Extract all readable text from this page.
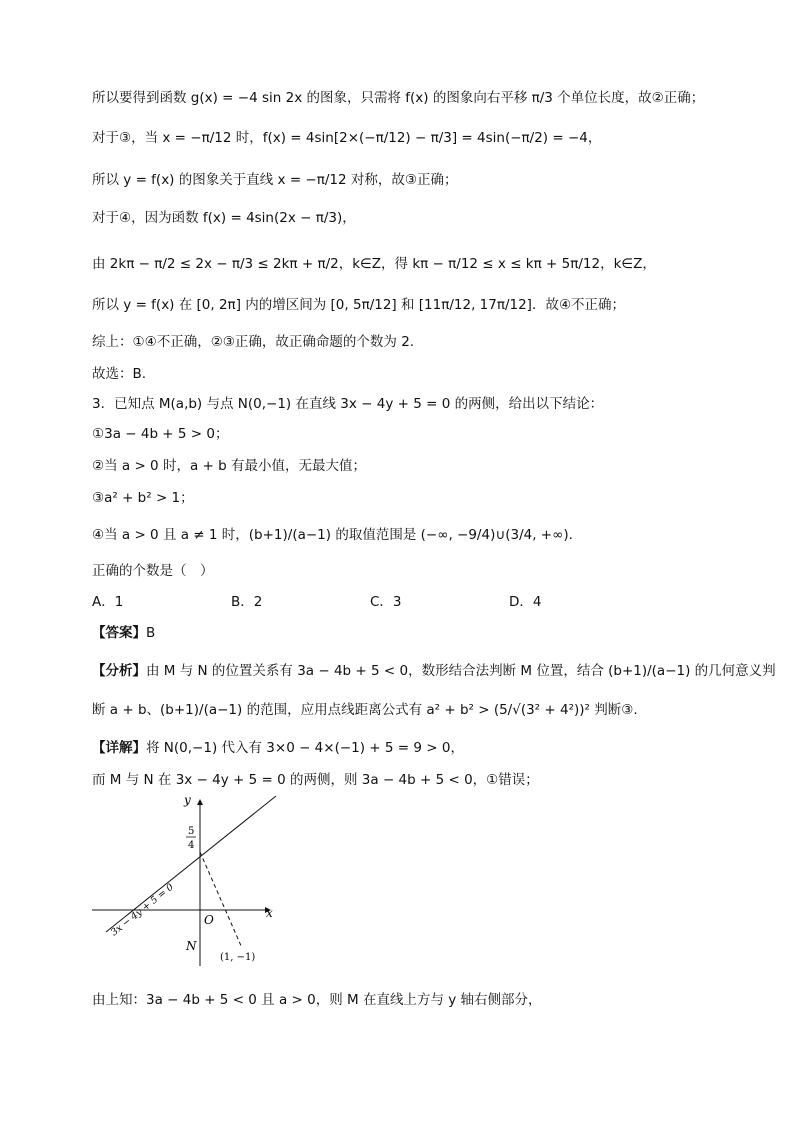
所以要得到函数 g(x) = −4 sin 2x 的图象，只需将 f(x) 的图象向右平移 π/3 个单位长度，故②正确；
对于③，当 x = −π/12 时，f(x) = 4sin[2×(−π/12) − π/3] = 4sin(−π/2) = −4，
所以 y = f(x) 的图象关于直线 x = −π/12 对称，故③正确；
对于④，因为函数 f(x) = 4sin(2x − π/3)，
由 2kπ − π/2 ≤ 2x − π/3 ≤ 2kπ + π/2，k∈Z，得 kπ − π/12 ≤ x ≤ kπ + 5π/12，k∈Z，
所以 y = f(x) 在 [0, 2π] 内的增区间为 [0, 5π/12] 和 [11π/12, 17π/12]．故④不正确；
综上：①④不正确，②③正确，故正确命题的个数为 2.
故选：B.
3．已知点 M(a,b) 与点 N(0,−1) 在直线 3x − 4y + 5 = 0 的两侧，给出以下结论：
①3a − 4b + 5 > 0；
②当 a > 0 时，a + b 有最小值，无最大值；
③a² + b² > 1；
④当 a > 0 且 a ≠ 1 时，(b+1)/(a−1) 的取值范围是 (−∞, −9/4)∪(3/4, +∞)．
正确的个数是（　）
A．1	B．2	C．3	D．4
【答案】B
【分析】由 M 与 N 的位置关系有 3a − 4b + 5 < 0，数形结合法判断 M 位置，结合 (b+1)/(a−1) 的几何意义判
断 a + b、(b+1)/(a−1) 的范围，应用点线距离公式有 a² + b² > (5/√(3² + 4²))² 判断③.
【详解】将 N(0,−1) 代入有 3×0 − 4×(−1) + 5 = 9 > 0，
而 M 与 N 在 3x − 4y + 5 = 0 的两侧，则 3a − 4b + 5 < 0，①错误；
y
x
O
5
4
N
(1, −1)
3x − 4y + 5 = 0
由上知：3a − 4b + 5 < 0 且 a > 0，则 M 在直线上方与 y 轴右侧部分，
